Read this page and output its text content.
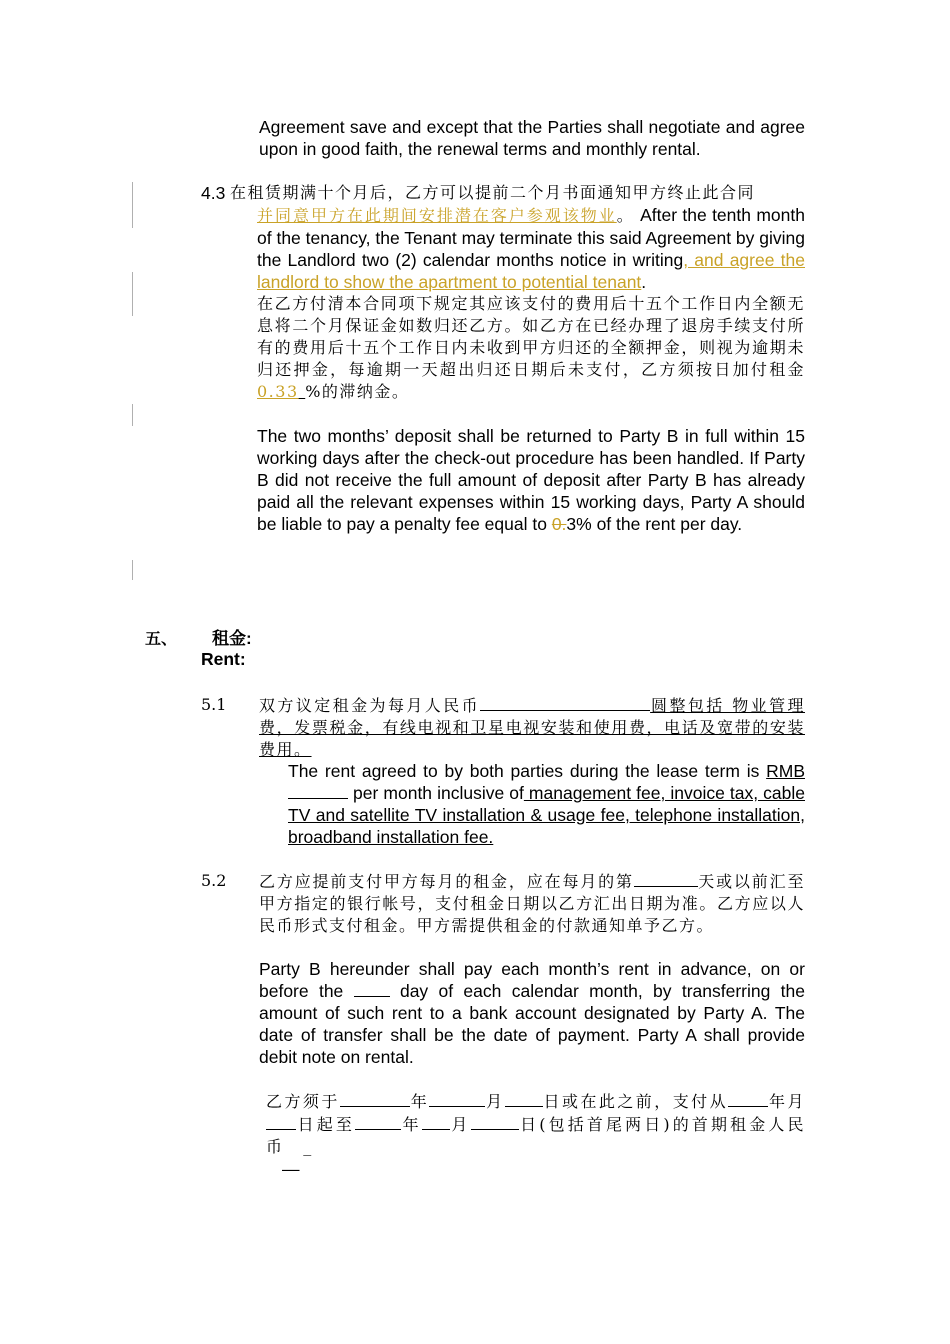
Agreement save and except that the Parties shall negotiate and agree upon in good faith, the renewal terms and monthly rental.
4.3 在租赁期满十个月后，乙方可以提前二个月书面通知甲方终止此合同
并同意甲方在此期间安排潜在客户参观该物业。 After the tenth month of the tenancy, the Tenant may terminate this said Agreement by giving the Landlord two (2) calendar months notice in writing, and agree the landlord to show the apartment to potential tenant.
在乙方付清本合同项下规定其应该支付的费用后十五个工作日内全额无息将二个月保证金如数归还乙方。如乙方在已经办理了退房手续支付所有的费用后十五个工作日内未收到甲方归还的全额押金，则视为逾期未归还押金，每逾期一天超出归还日期后未支付，乙方须按日加付租金 0.33 %的滞纳金。
The two months’ deposit shall be returned to Party B in full within 15 working days after the check-out procedure has been handled. If Party B did not receive the full amount of deposit after Party B has already paid all the relevant expenses within 15 working days, Party A should be liable to pay a penalty fee equal to 0.3% of the rent per day.
五、 租金:
Rent:
5.1 双方议定租金为每月人民币	圆整包括 物业管理费，发票税金，有线电视和卫星电视安装和使用费，电话及宽带的安装费用。
The rent agreed to by both parties during the lease term is RMB per month inclusive of management fee, invoice tax, cable TV and satellite TV installation & usage fee, telephone installation, broadband installation fee.
5.2 乙方应提前支付甲方每月的租金，应在每月的第	天或以前汇至甲方指定的银行帐号，支付租金日期以乙方汇出日期为准。乙方应以人民币形式支付租金。甲方需提供租金的付款通知单予乙方。
Party B hereunder shall pay each month’s rent in advance, on or before the  day of each calendar month, by transferring the amount of such rent to a bank account designated by Party A. The date of transfer shall be the date of payment. Party A shall provide debit note on rental.
乙方须于	年	月 日或在此之前，支付从	年月日起至	年 月	日(包括首尾两日)的首期租金人民币 _
—
